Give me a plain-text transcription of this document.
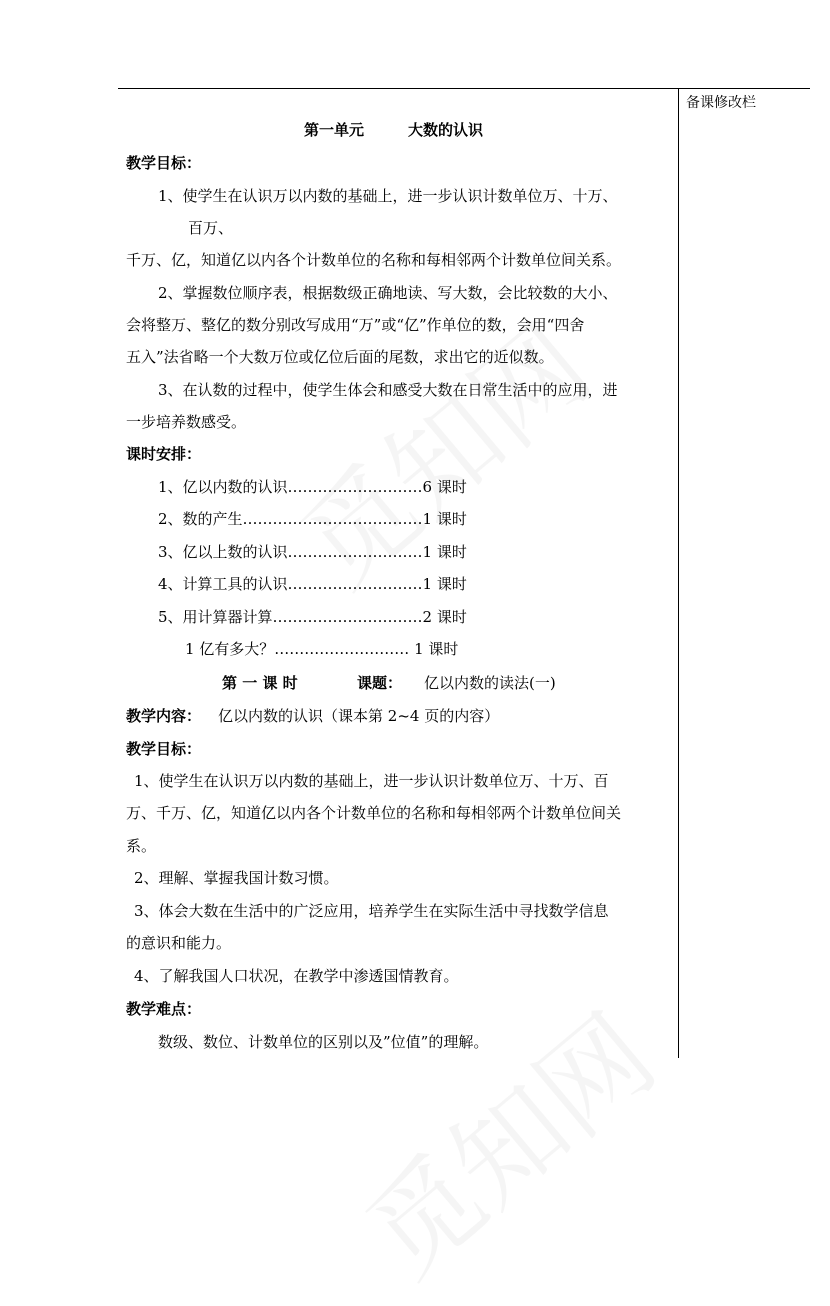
备课修改栏
第一单元	大数的认识
教学目标：
1、使学生在认识万以内数的基础上，进一步认识计数单位万、十万、
百万、
千万、亿，知道亿以内各个计数单位的名称和每相邻两个计数单位间关系。
2、掌握数位顺序表，根据数级正确地读、写大数，会比较数的大小、
会将整万、整亿的数分别改写成用“万”或“亿”作单位的数，会用“四舍
五入”法省略一个大数万位或亿位后面的尾数，求出它的近似数。
3、在认数的过程中，使学生体会和感受大数在日常生活中的应用，进
一步培养数感受。
课时安排：
1、亿以内数的认识………………………6 课时
2、数的产生………………………………1 课时
3、亿以上数的认识………………………1 课时
4、计算工具的认识………………………1 课时
5、用计算器计算…………………………2 课时
1 亿有多大？……………………… 1 课时
第 一 课 时	课题： 亿以内数的读法(一)
教学内容： 亿以内数的认识（课本第 2~4 页的内容）
教学目标：
1、使学生在认识万以内数的基础上，进一步认识计数单位万、十万、百
万、千万、亿，知道亿以内各个计数单位的名称和每相邻两个计数单位间关
系。
2、理解、掌握我国计数习惯。
3、体会大数在生活中的广泛应用，培养学生在实际生活中寻找数学信息
的意识和能力。
4、了解我国人口状况，在教学中渗透国情教育。
教学难点：
数级、数位、计数单位的区别以及”位值”的理解。
